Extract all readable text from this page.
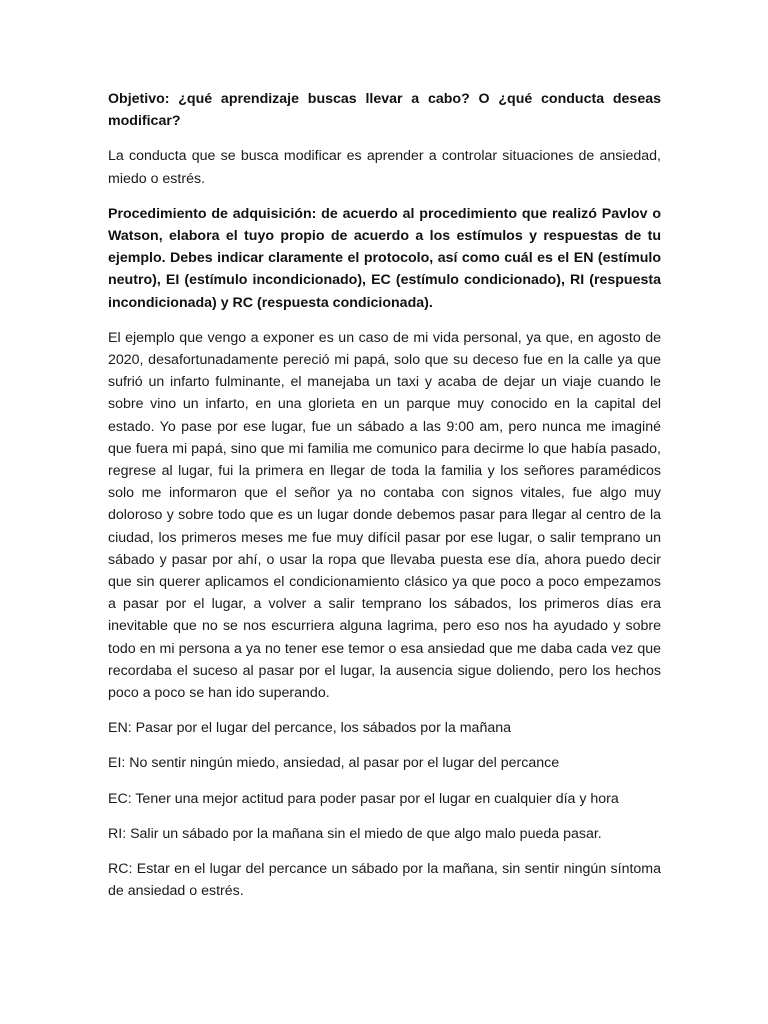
Objetivo: ¿qué aprendizaje buscas llevar a cabo? O ¿qué conducta deseas modificar?

La conducta que se busca modificar es aprender a controlar situaciones de ansiedad, miedo o estrés.

Procedimiento de adquisición: de acuerdo al procedimiento que realizó Pavlov o Watson, elabora el tuyo propio de acuerdo a los estímulos y respuestas de tu ejemplo. Debes indicar claramente el protocolo, así como cuál es el EN (estímulo neutro), EI (estímulo incondicionado), EC (estímulo condicionado), RI (respuesta incondicionada) y RC (respuesta condicionada).

El ejemplo que vengo a exponer es un caso de mi vida personal, ya que, en agosto de 2020, desafortunadamente pereció mi papá, solo que su deceso fue en la calle ya que sufrió un infarto fulminante, el manejaba un taxi y acaba de dejar un viaje cuando le sobre vino un infarto, en una glorieta en un parque muy conocido en la capital del estado. Yo pase por ese lugar, fue un sábado a las 9:00 am, pero nunca me imaginé que fuera mi papá, sino que mi familia me comunico para decirme lo que había pasado, regrese al lugar, fui la primera en llegar de toda la familia y los señores paramédicos solo me informaron que el señor ya no contaba con signos vitales, fue algo muy doloroso y sobre todo que es un lugar donde debemos pasar para llegar al centro de la ciudad, los primeros meses me fue muy difícil pasar por ese lugar, o salir temprano un sábado y pasar por ahí, o usar la ropa que llevaba puesta ese día, ahora puedo decir que sin querer aplicamos el condicionamiento clásico ya que poco a poco empezamos a pasar por el lugar, a volver a salir temprano los sábados, los primeros días era inevitable que no se nos escurriera alguna lagrima, pero eso nos ha ayudado y sobre todo en mi persona a ya no tener ese temor o esa ansiedad que me daba cada vez que recordaba el suceso al pasar por el lugar, la ausencia sigue doliendo, pero los hechos poco a poco se han ido superando.

EN: Pasar por el lugar del percance, los sábados por la mañana

EI: No sentir ningún miedo, ansiedad, al pasar por el lugar del percance

EC: Tener una mejor actitud para poder pasar por el lugar en cualquier día y hora

RI: Salir un sábado por la mañana sin el miedo de que algo malo pueda pasar.

RC: Estar en el lugar del percance un sábado por la mañana, sin sentir ningún síntoma de ansiedad o estrés.
